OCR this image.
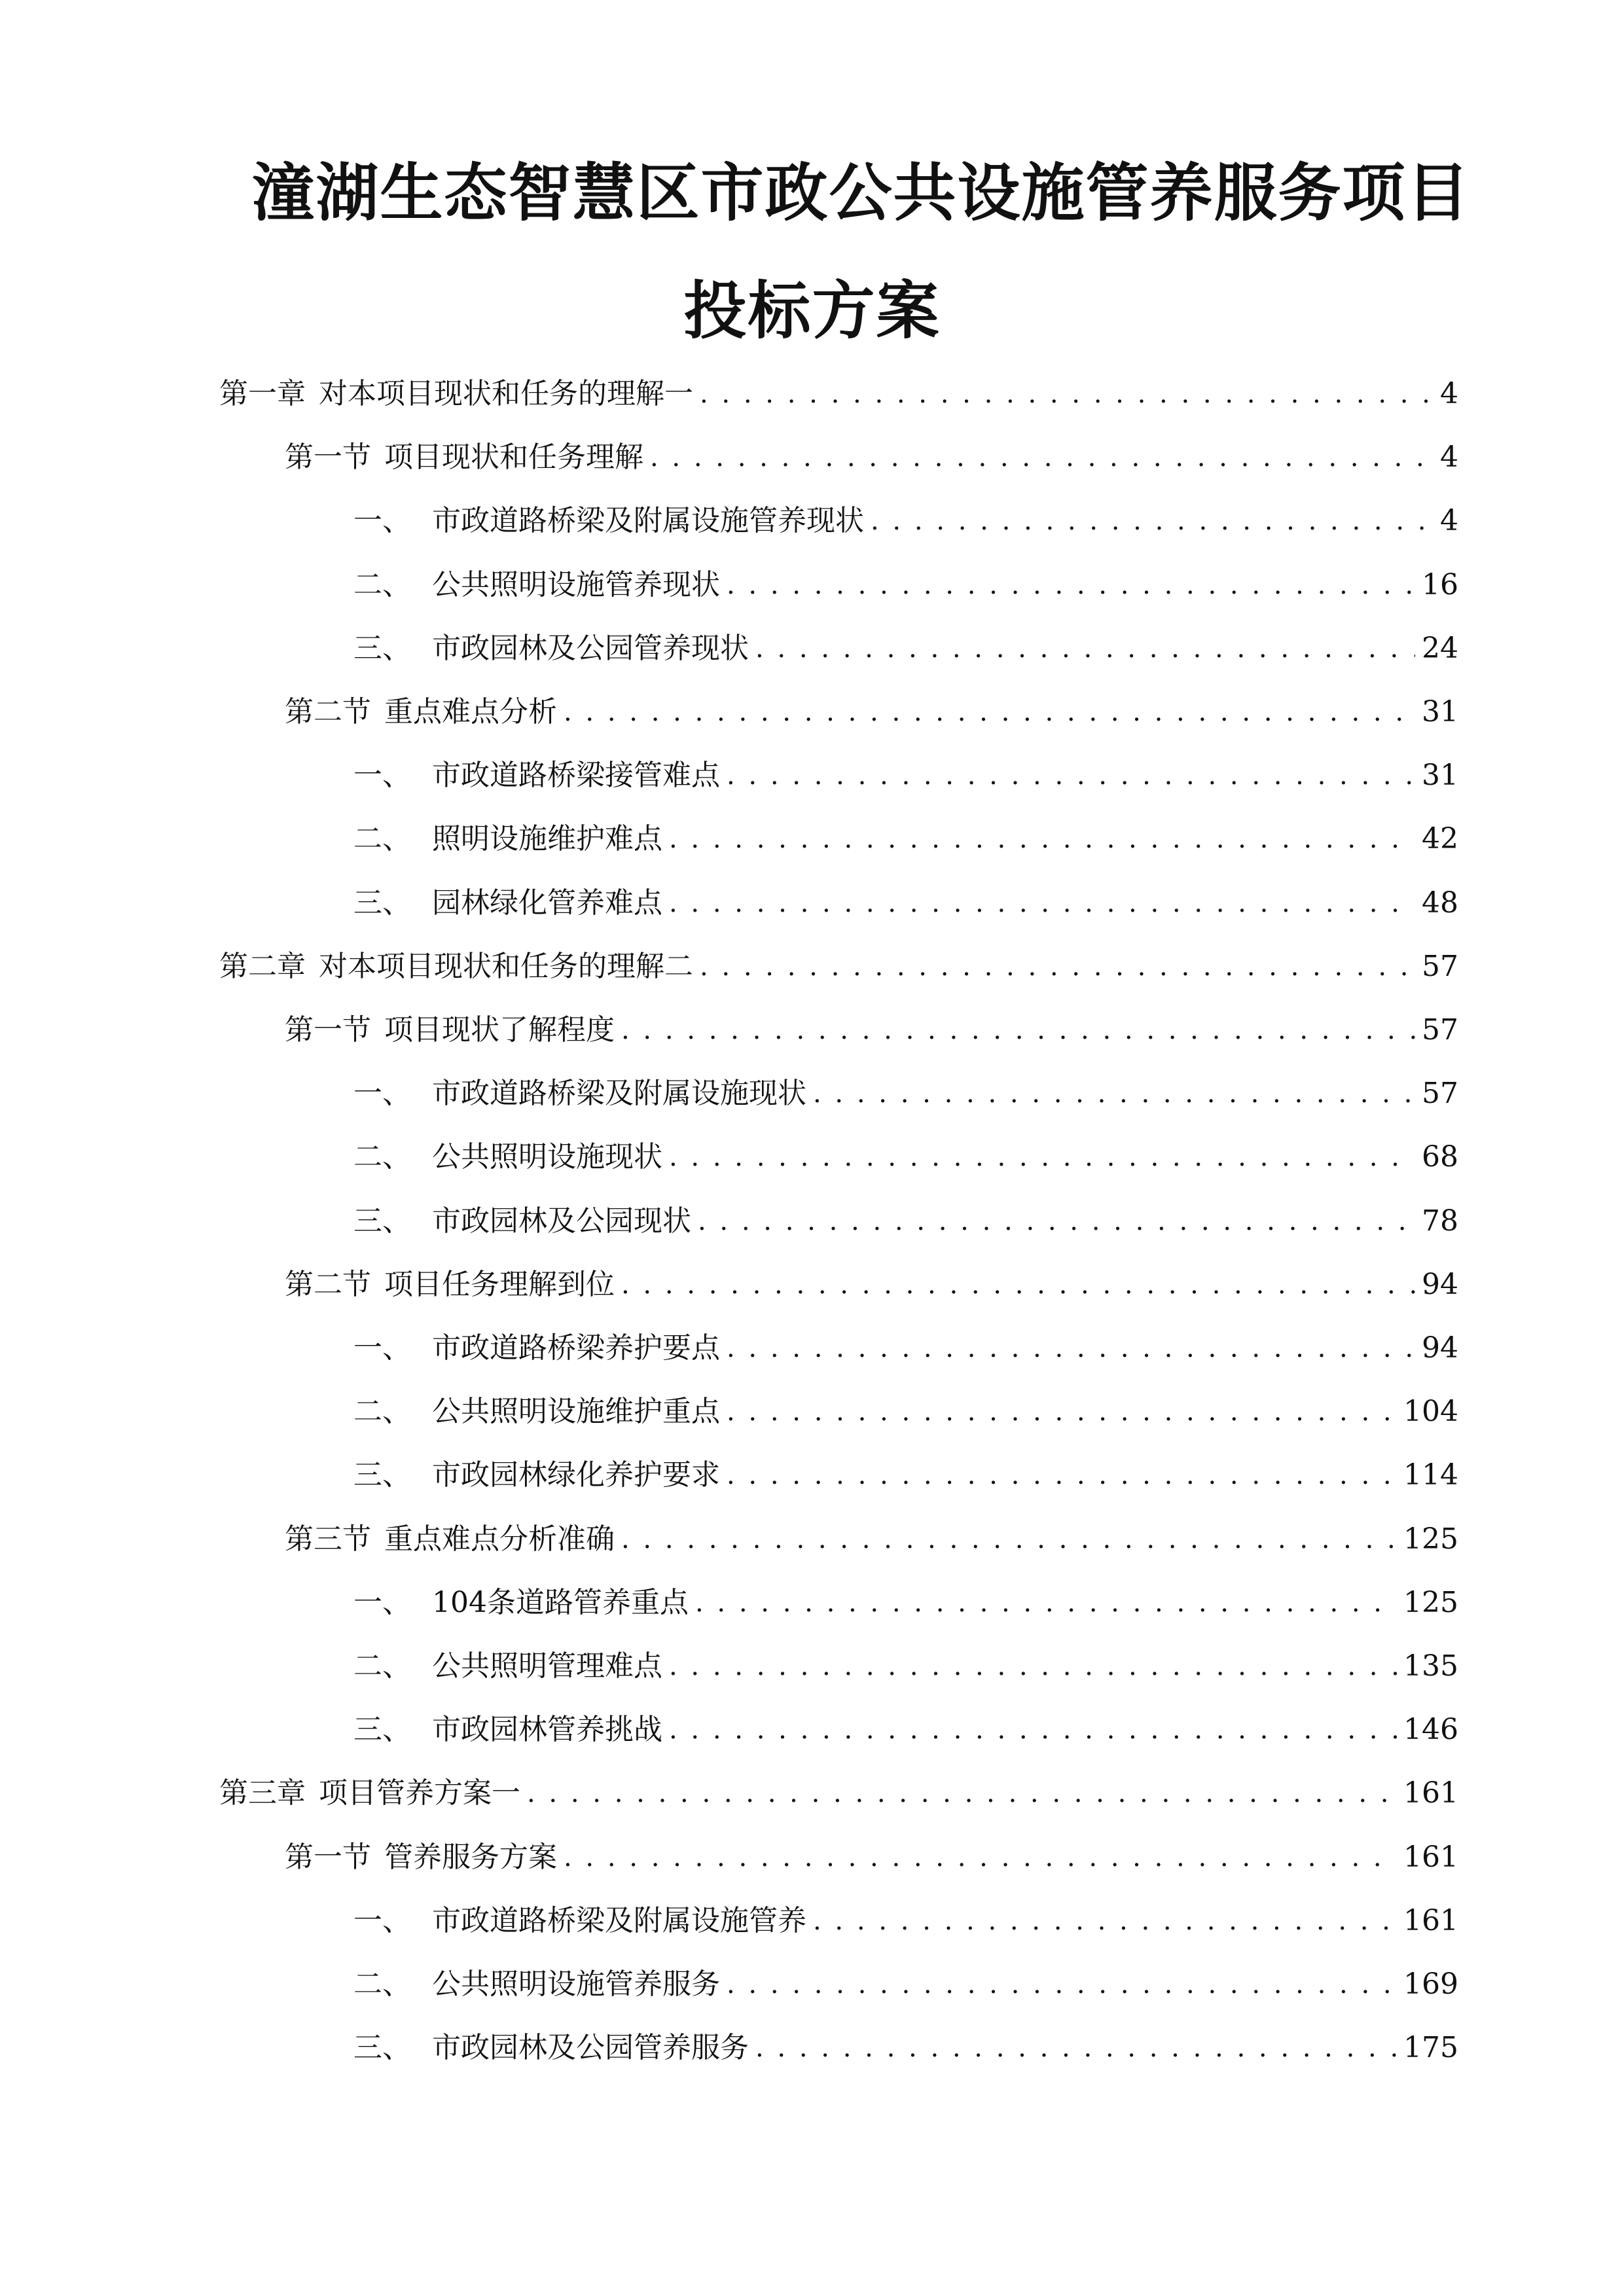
潼湖生态智慧区市政公共设施管养服务项目
投标方案
第一章 对本项目现状和任务的理解一 . . .	4
第一节 项目现状和任务理解 . . .	4
一、 市政道路桥梁及附属设施管养现状 . . .	4
二、 公共照明设施管养现状 . . .	16
三、 市政园林及公园管养现状 . . .	24
第二节 重点难点分析 . . .	31
一、 市政道路桥梁接管难点 . . .	31
二、 照明设施维护难点 . . .	42
三、 园林绿化管养难点 . . .	48
第二章 对本项目现状和任务的理解二 . . .	57
第一节 项目现状了解程度 . . .	57
一、 市政道路桥梁及附属设施现状 . . .	57
二、 公共照明设施现状 . . .	68
三、 市政园林及公园现状 . . .	78
第二节 项目任务理解到位 . . .	94
一、 市政道路桥梁养护要点 . . .	94
二、 公共照明设施维护重点 . . .	104
三、 市政园林绿化养护要求 . . .	114
第三节 重点难点分析准确 . . .	125
一、 104条道路管养重点 . . .	125
二、 公共照明管理难点 . . .	135
三、 市政园林管养挑战 . . .	146
第三章 项目管养方案一 . . .	161
第一节 管养服务方案 . . .	161
一、 市政道路桥梁及附属设施管养 . . .	161
二、 公共照明设施管养服务 . . .	169
三、 市政园林及公园管养服务 . . .	175
